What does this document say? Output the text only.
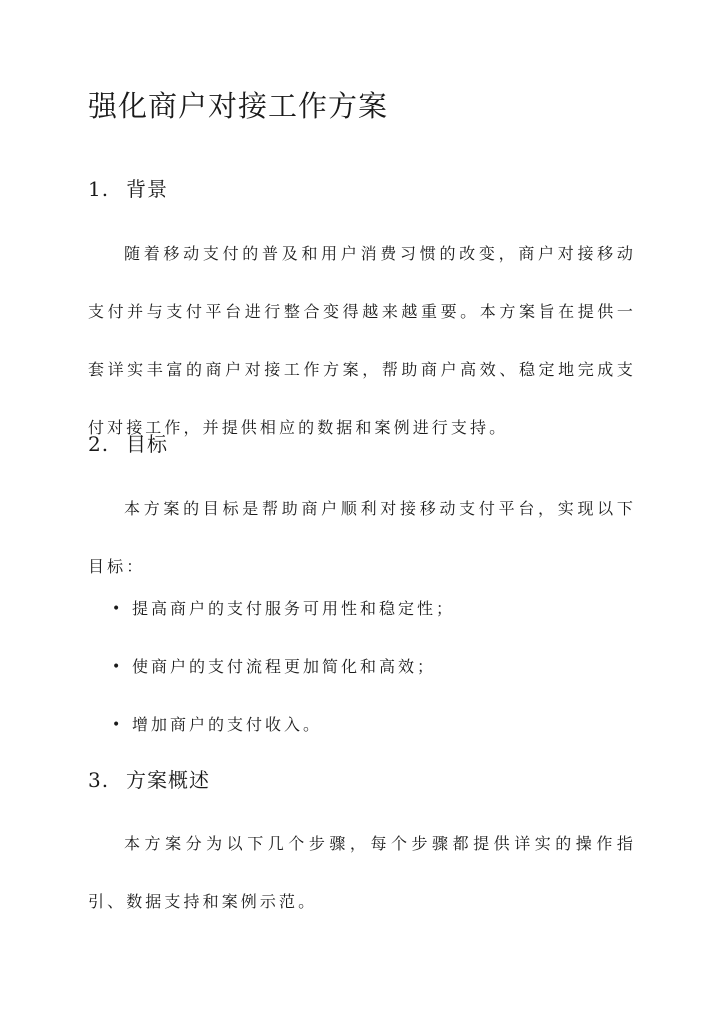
强化商户对接工作方案
1. 背景

随着移动支付的普及和用户消费习惯的改变，商户对接移动支付并与支付平台进行整合变得越来越重要。本方案旨在提供一套详实丰富的商户对接工作方案，帮助商户高效、稳定地完成支付对接工作，并提供相应的数据和案例进行支持。

2. 目标

本方案的目标是帮助商户顺利对接移动支付平台，实现以下目标：

• 提高商户的支付服务可用性和稳定性；
• 使商户的支付流程更加简化和高效；
• 增加商户的支付收入。
3. 方案概述

本方案分为以下几个步骤，每个步骤都提供详实的操作指引、数据支持和案例示范。
